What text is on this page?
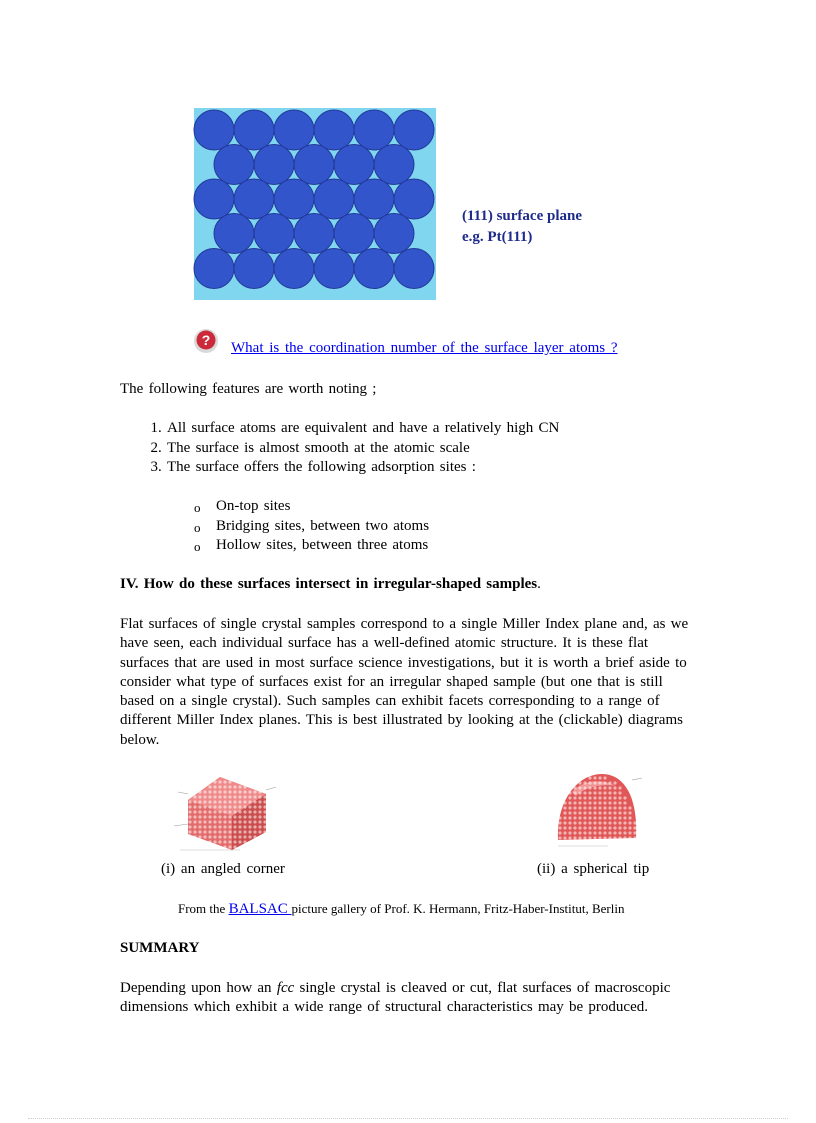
(111) surface plane
e.g. Pt(111)
? What is the coordination number of the surface layer atoms ?
The following features are worth noting ;
1. All surface atoms are equivalent and have a relatively high CN
2. The surface is almost smooth at the atomic scale
3. The surface offers the following adsorption sites :
o On-top sites
o Bridging sites, between two atoms
o Hollow sites, between three atoms
IV. How do these surfaces intersect in irregular-shaped samples.
Flat surfaces of single crystal samples correspond to a single Miller Index plane and, as we have seen, each individual surface has a well-defined atomic structure. It is these flat surfaces that are used in most surface science investigations, but it is worth a brief aside to consider what type of surfaces exist for an irregular shaped sample (but one that is still based on a single crystal). Such samples can exhibit facets corresponding to a range of different Miller Index planes. This is best illustrated by looking at the (clickable) diagrams below.
(i) an angled corner	(ii) a spherical tip
From the BALSAC picture gallery of Prof. K. Hermann, Fritz-Haber-Institut, Berlin
SUMMARY
Depending upon how an fcc single crystal is cleaved or cut, flat surfaces of macroscopic dimensions which exhibit a wide range of structural characteristics may be produced.
